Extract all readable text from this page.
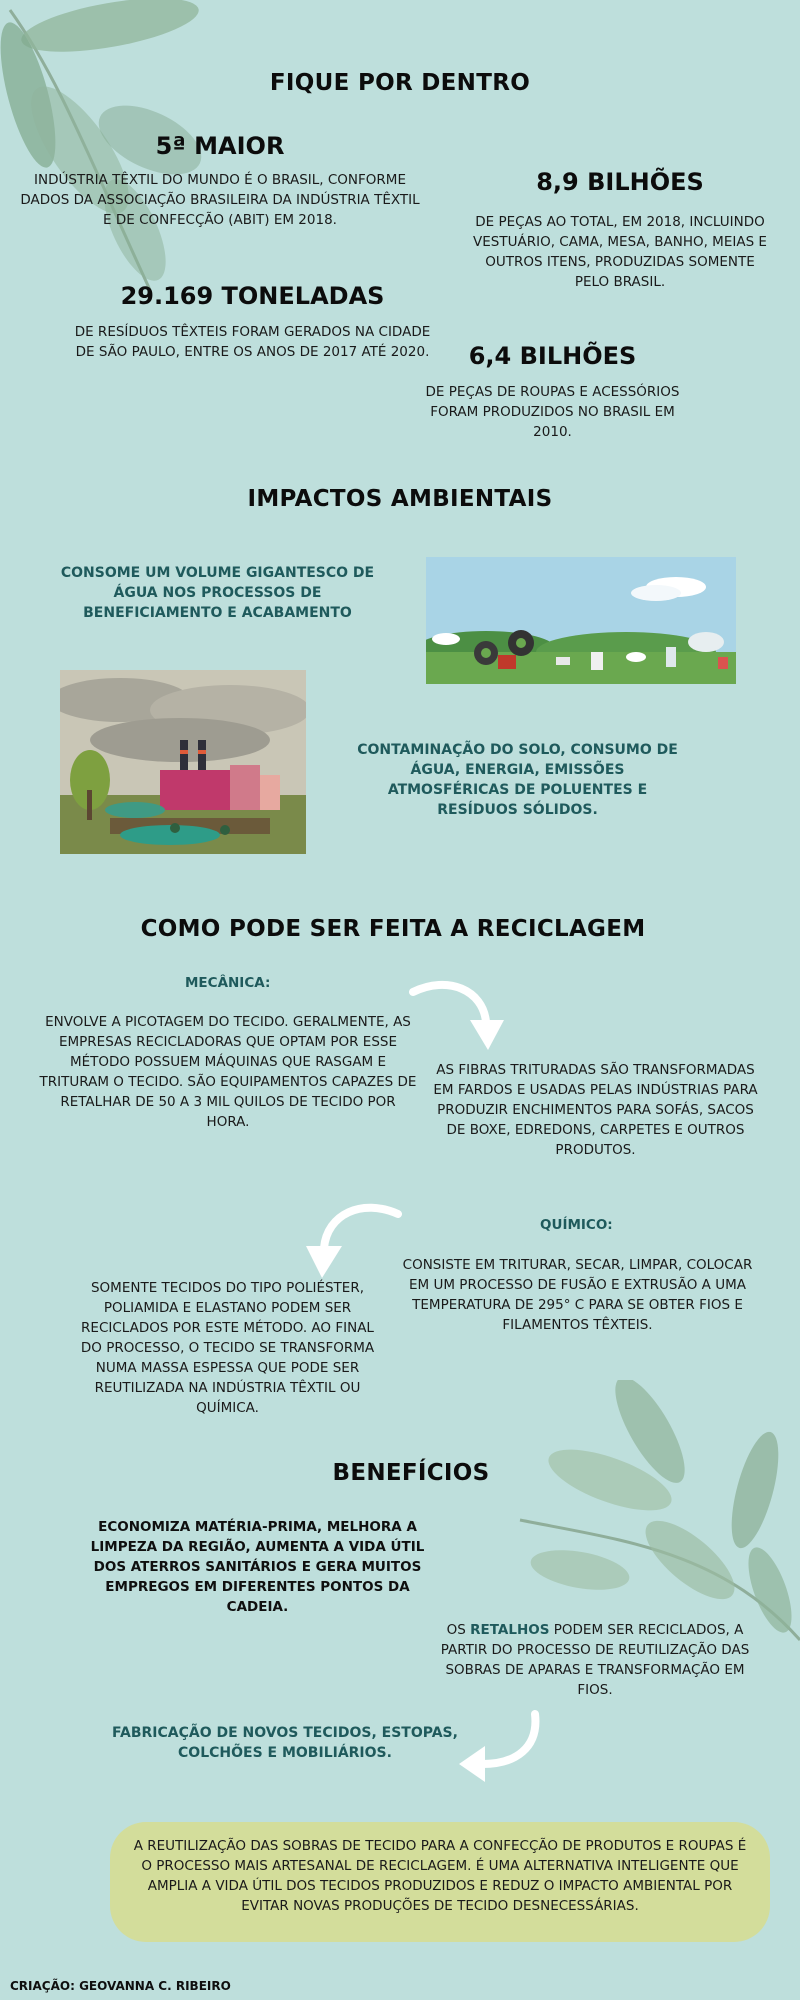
FIQUE POR DENTRO
5ª MAIOR
INDÚSTRIA TÊXTIL DO MUNDO É O BRASIL, CONFORME DADOS DA ASSOCIAÇÃO BRASILEIRA DA INDÚSTRIA TÊXTIL E DE CONFECÇÃO (ABIT) EM 2018.
8,9 BILHÕES
DE PEÇAS AO TOTAL, EM 2018, INCLUINDO VESTUÁRIO, CAMA, MESA, BANHO, MEIAS E OUTROS ITENS, PRODUZIDAS SOMENTE PELO BRASIL.
29.169 TONELADAS
DE RESÍDUOS TÊXTEIS FORAM GERADOS NA CIDADE DE SÃO PAULO, ENTRE OS ANOS DE 2017 ATÉ 2020.	6,4 BILHÕES
DE PEÇAS DE ROUPAS E ACESSÓRIOS FORAM PRODUZIDOS NO BRASIL EM 2010.
IMPACTOS AMBIENTAIS
CONSOME UM VOLUME GIGANTESCO DE ÁGUA NOS PROCESSOS DE BENEFICIAMENTO E ACABAMENTO
CONTAMINAÇÃO DO SOLO, CONSUMO DE ÁGUA, ENERGIA, EMISSÕES ATMOSFÉRICAS DE POLUENTES E RESÍDUOS SÓLIDOS.
COMO PODE SER FEITA A RECICLAGEM
MECÂNICA:
ENVOLVE A PICOTAGEM DO TECIDO. GERALMENTE, AS EMPRESAS RECICLADORAS QUE OPTAM POR ESSE MÉTODO POSSUEM MÁQUINAS QUE RASGAM E TRITURAM O TECIDO. SÃO EQUIPAMENTOS CAPAZES DE RETALHAR DE 50 A 3 MIL QUILOS DE TECIDO POR HORA.
AS FIBRAS TRITURADAS SÃO TRANSFORMADAS EM FARDOS E USADAS PELAS INDÚSTRIAS PARA PRODUZIR ENCHIMENTOS PARA SOFÁS, SACOS DE BOXE, EDREDONS, CARPETES E OUTROS PRODUTOS.
QUÍMICO:
CONSISTE EM TRITURAR, SECAR, LIMPAR, COLOCAR EM UM PROCESSO DE FUSÃO E EXTRUSÃO A UMA TEMPERATURA DE 295° C PARA SE OBTER FIOS E FILAMENTOS TÊXTEIS.
SOMENTE TECIDOS DO TIPO POLIÉSTER, POLIAMIDA E ELASTANO PODEM SER RECICLADOS POR ESTE MÉTODO. AO FINAL DO PROCESSO, O TECIDO SE TRANSFORMA NUMA MASSA ESPESSA QUE PODE SER REUTILIZADA NA INDÚSTRIA TÊXTIL OU QUÍMICA.
BENEFÍCIOS
ECONOMIZA MATÉRIA-PRIMA, MELHORA A LIMPEZA DA REGIÃO, AUMENTA A VIDA ÚTIL DOS ATERROS SANITÁRIOS E GERA MUITOS EMPREGOS EM DIFERENTES PONTOS DA CADEIA.
OS RETALHOS PODEM SER RECICLADOS, A PARTIR DO PROCESSO DE REUTILIZAÇÃO DAS SOBRAS DE APARAS E TRANSFORMAÇÃO EM FIOS.
FABRICAÇÃO DE NOVOS TECIDOS, ESTOPAS, COLCHÕES E MOBILIÁRIOS.
A REUTILIZAÇÃO DAS SOBRAS DE TECIDO PARA A CONFECÇÃO DE PRODUTOS E ROUPAS É O PROCESSO MAIS ARTESANAL DE RECICLAGEM. É UMA ALTERNATIVA INTELIGENTE QUE AMPLIA A VIDA ÚTIL DOS TECIDOS PRODUZIDOS E REDUZ O IMPACTO AMBIENTAL POR EVITAR NOVAS PRODUÇÕES DE TECIDO DESNECESSÁRIAS.
CRIAÇÃO: GEOVANNA C. RIBEIRO
